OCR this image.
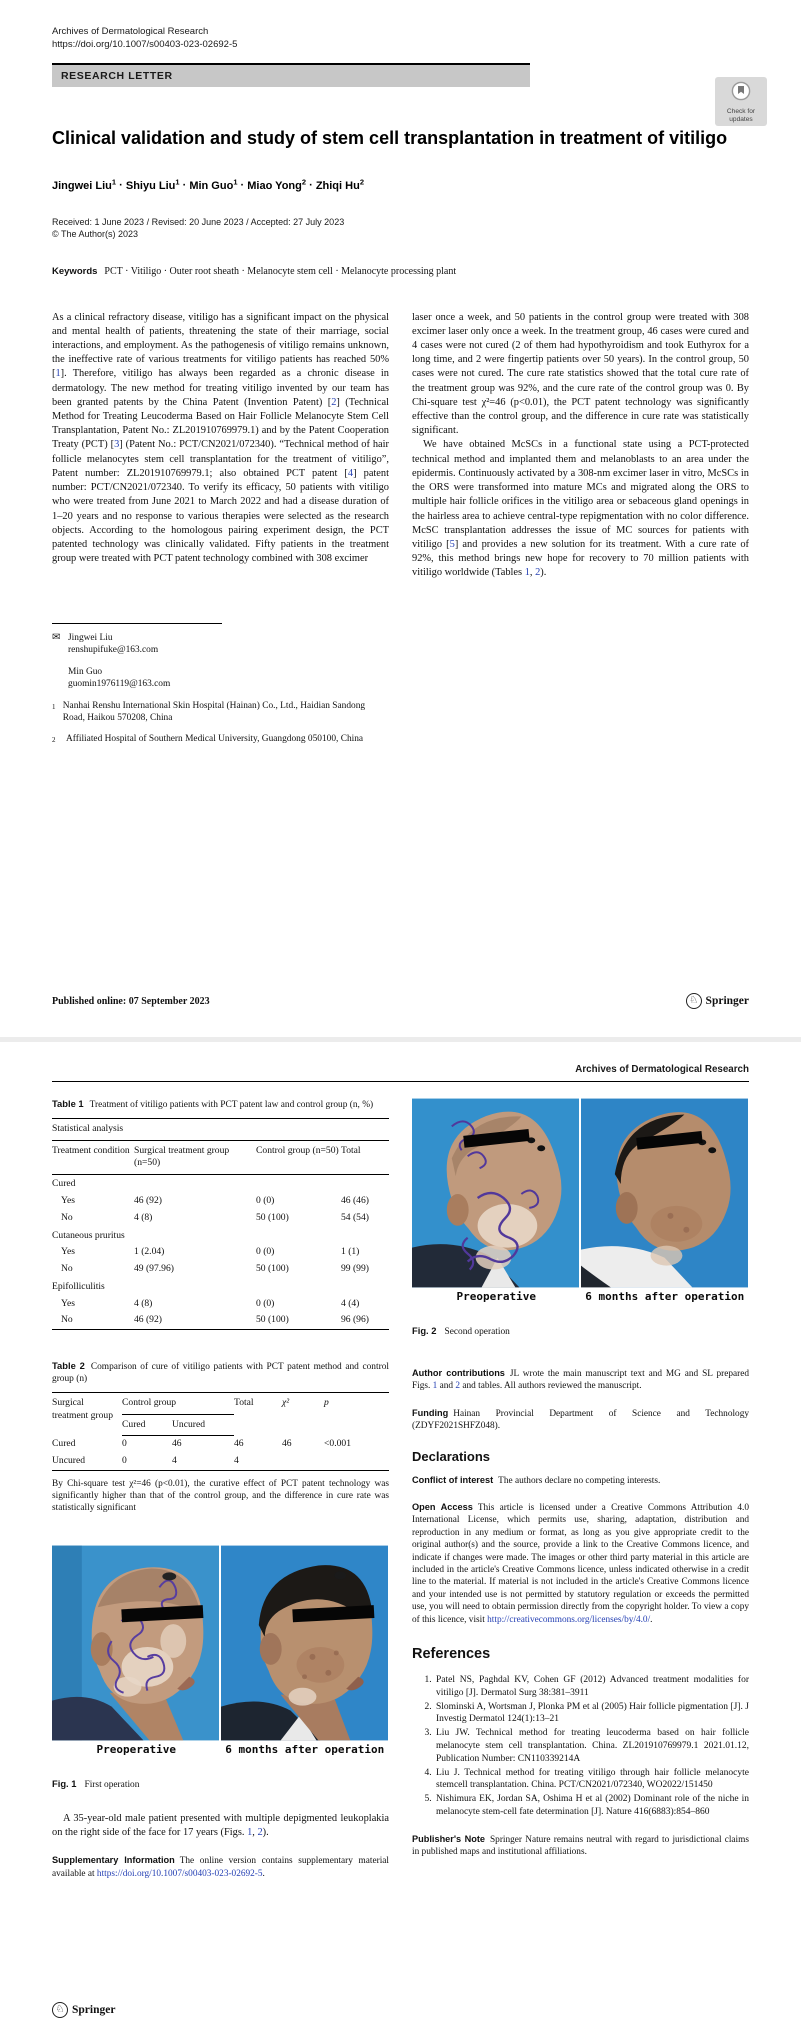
Archives of Dermatological Research
https://doi.org/10.1007/s00403-023-02692-5
RESEARCH LETTER
Check for updates
Clinical validation and study of stem cell transplantation in treatment of vitiligo
Jingwei Liu$^1$ · Shiyu Liu$^1$ · Min Guo$^1$ · Miao Yong$^2$ · Zhiqi Hu$^2$
Received: 1 June 2023 / Revised: 20 June 2023 / Accepted: 27 July 2023
© The Author(s) 2023
Keywords PCT · Vitiligo · Outer root sheath · Melanocyte stem cell · Melanocyte processing plant

As a clinical refractory disease, vitiligo has a significant impact on the physical and mental health of patients, threatening the state of their marriage, social interactions, and employment. As the pathogenesis of vitiligo remains unknown, the ineffective rate of various treatments for vitiligo patients has reached 50% [1]. Therefore, vitiligo has always been regarded as a chronic disease in dermatology. The new method for treating vitiligo invented by our team has been granted patents by the China Patent (Invention Patent) [2] (Technical Method for Treating Leucoderma Based on Hair Follicle Melanocyte Stem Cell Transplantation, Patent No.: ZL201910769979.1) and by the Patent Cooperation Treaty (PCT) [3] (Patent No.: PCT/CN2021/072340). “Technical method of hair follicle melanocytes stem cell transplantation for the treatment of vitiligo”, Patent number: ZL201910769979.1; also obtained PCT patent [4] patent number: PCT/CN2021/072340. To verify its efficacy, 50 patients with vitiligo who were treated from June 2021 to March 2022 and had a disease duration of 1–20 years and no response to various therapies were selected as the research objects. According to the homologous pairing experiment design, the PCT patented technology was clinically validated. Fifty patients in the treatment group were treated with PCT patent technology combined with 308 excimer

laser once a week, and 50 patients in the control group were treated with 308 excimer laser only once a week. In the treatment group, 46 cases were cured and 4 cases were not cured (2 of them had hypothyroidism and took Euthyrox for a long time, and 2 were fingertip patients over 50 years). In the control group, 50 cases were not cured. The cure rate statistics showed that the total cure rate of the treatment group was 92%, and the cure rate of the control group was 0. By Chi-square test χ²=46 (p<0.01), the PCT patent technology was significantly effective than the control group, and the difference in cure rate was statistically significant.

We have obtained McSCs in a functional state using a PCT-protected technical method and implanted them and melanoblasts to an area under the epidermis. Continuously activated by a 308-nm excimer laser in vitro, McSCs in the ORS were transformed into mature MCs and migrated along the ORS to multiple hair follicle orifices in the vitiligo area or sebaceous gland openings in the hairless area to achieve central-type repigmentation with no color difference. McSC transplantation addresses the issue of MC sources for patients with vitiligo [5] and provides a new solution for its treatment. With a cure rate of 92%, this method brings new hope for recovery to 70 million patients with vitiligo worldwide (Tables 1, 2).

✉ Jingwei Liu
renshupifuke@163.com
Min Guo
guomin1976119@163.com
1 Nanhai Renshu International Skin Hospital (Hainan) Co., Ltd., Haidian Sandong Road, Haikou 570208, China
2	Affiliated Hospital of Southern Medical University, Guangdong 050100, China
Published online: 07 September 2023	♘ Springer
Archives of Dermatological Research
Table 1 Treatment of vitiligo patients with PCT patent law and control group (n, %)
Statistical analysis			
Treatment condition	Surgical treatment group (n=50)	Control group (n=50)	Total
Cured			
Yes	46 (92)	0 (0)	46 (46)
No	4 (8)	50 (100)	54 (54)
Cutaneous pruritus			
Yes	1 (2.04)	0 (0)	1 (1)
No	49 (97.96)	50 (100)	99 (99)
Epifolliculitis			
Yes	4 (8)	0 (0)	4 (4)
No	46 (92)	50 (100)	96 (96)
Table 2 Comparison of cure of vitiligo patients with PCT patent method and control group (n)
Surgical treatment group	Control group		Total	χ²	p
	Cured	Uncured			
Cured	0	46	46	46	<0.001
Uncured	0	4	4		
By Chi-square test χ²=46 (p<0.01), the curative effect of PCT patent technology was significantly higher than that of the control group, and the difference in cure rate was statistically significant
Preoperative	6 months after operation
Fig. 1 First operation

A 35-year-old male patient presented with multiple depigmented leukoplakia on the right side of the face for 17 years (Figs. 1, 2).

Supplementary Information The online version contains supplementary material available at https://doi.org/10.1007/s00403-023-02692-5.

Preoperative	6 months after operation
Fig. 2 Second operation

Author contributions JL wrote the main manuscript text and MG and SL prepared Figs. 1 and 2 and tables. All authors reviewed the manuscript.

Funding Hainan Provincial Department of Science and Technology (ZDYF2021SHFZ048).

Declarations

Conflict of interest The authors declare no competing interests.

Open Access This article is licensed under a Creative Commons Attribution 4.0 International License, which permits use, sharing, adaptation, distribution and reproduction in any medium or format, as long as you give appropriate credit to the original author(s) and the source, provide a link to the Creative Commons licence, and indicate if changes were made. The images or other third party material in this article are included in the article's Creative Commons licence, unless indicated otherwise in a credit line to the material. If material is not included in the article's Creative Commons licence and your intended use is not permitted by statutory regulation or exceeds the permitted use, you will need to obtain permission directly from the copyright holder. To view a copy of this licence, visit http://creativecommons.org/licenses/by/4.0/.

References
1. Patel NS, Paghdal KV, Cohen GF (2012) Advanced treatment modalities for vitiligo [J]. Dermatol Surg 38:381–3911
2. Slominski A, Wortsman J, Plonka PM et al (2005) Hair follicle pigmentation [J]. J Investig Dermatol 124(1):13–21
3. Liu JW. Technical method for treating leucoderma based on hair follicle melanocyte stem cell transplantation. China. ZL201910769979.1 2021.01.12, Publication Number: CN110339214A
4. Liu J. Technical method for treating vitiligo through hair follicle melanocyte stemcell transplantation. China. PCT/CN2021/072340, WO2022/151450
5. Nishimura EK, Jordan SA, Oshima H et al (2002) Dominant role of the niche in melanocyte stem-cell fate determination [J]. Nature 416(6883):854–860

Publisher's Note Springer Nature remains neutral with regard to jurisdictional claims in published maps and institutional affiliations.

♘ Springer
